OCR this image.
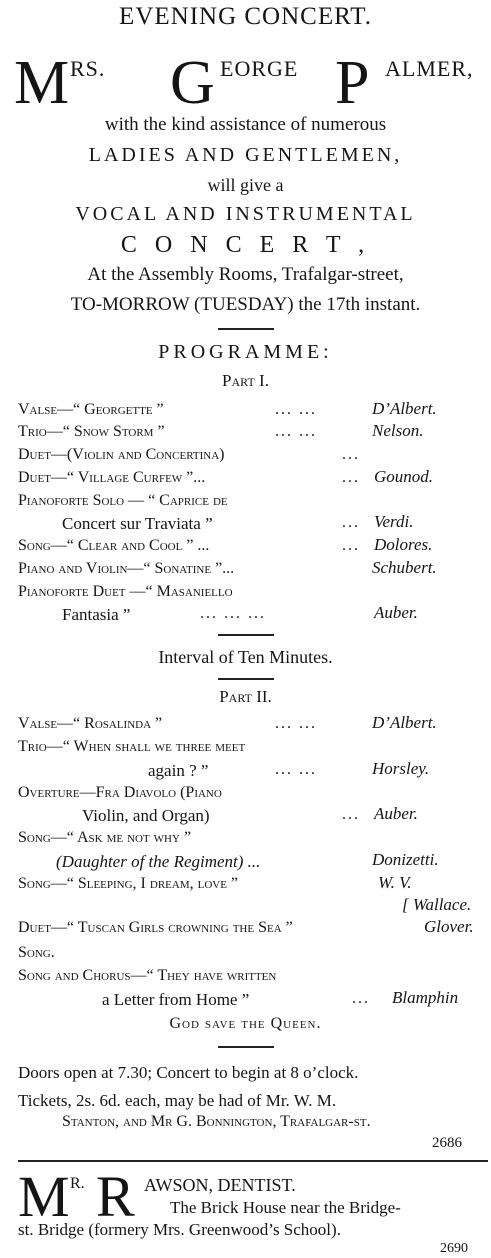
EVENING CONCERT.
M RS. G EORGE P ALMER,
with the kind assistance of numerous
LADIES AND GENTLEMEN,
will give a
VOCAL AND INSTRUMENTAL
C O N C E R T ,
At the Assembly Rooms, Trafalgar-street,
TO-MORROW (TUESDAY) the 17th instant.
PROGRAMME:
Part I.
Valse—“ Georgette ”	... ...	D’Albert.
Trio—“ Snow Storm ”	... ...	Nelson.
Duet—(Violin and Concertina)	...
Duet—“ Village Curfew ”...	... Gounod.
Pianoforte Solo — “ Caprice de
Concert sur Traviata ”	... Verdi.
Song—“ Clear and Cool ” ...	... Dolores.
Piano and Violin—“ Sonatine ”...	Schubert.
Pianoforte Duet —“ Masaniello
Fantasia ”	... ... ...	Auber.
Interval of Ten Minutes.
Part II.
Valse—“ Rosalinda ”	... ...	D’Albert.
Trio—“ When shall we three meet
again ? ”	... ...	Horsley.
Overture—Fra Diavolo (Piano
Violin, and Organ)	... Auber.
Song—“ Ask me not why ”
(Daughter of the Regiment) ...	Donizetti.
Song—“ Sleeping, I dream, love ”	W. V.
[ Wallace.
Duet—“ Tuscan Girls crowning the Sea ”	Glover.
Song.
Song and Chorus—“ They have written
a Letter from Home ”	... Blamphin
God save the Queen.
Doors open at 7.30; Concert to begin at 8 o’clock.
Tickets, 2s. 6d. each, may be had of Mr. W. M.
Stanton, and Mr G. Bonnington, Trafalgar-st.
2686
M R. R AWSON, DENTIST.
The Brick House near the Bridge-
st. Bridge (formery Mrs. Greenwood’s School).
2690
